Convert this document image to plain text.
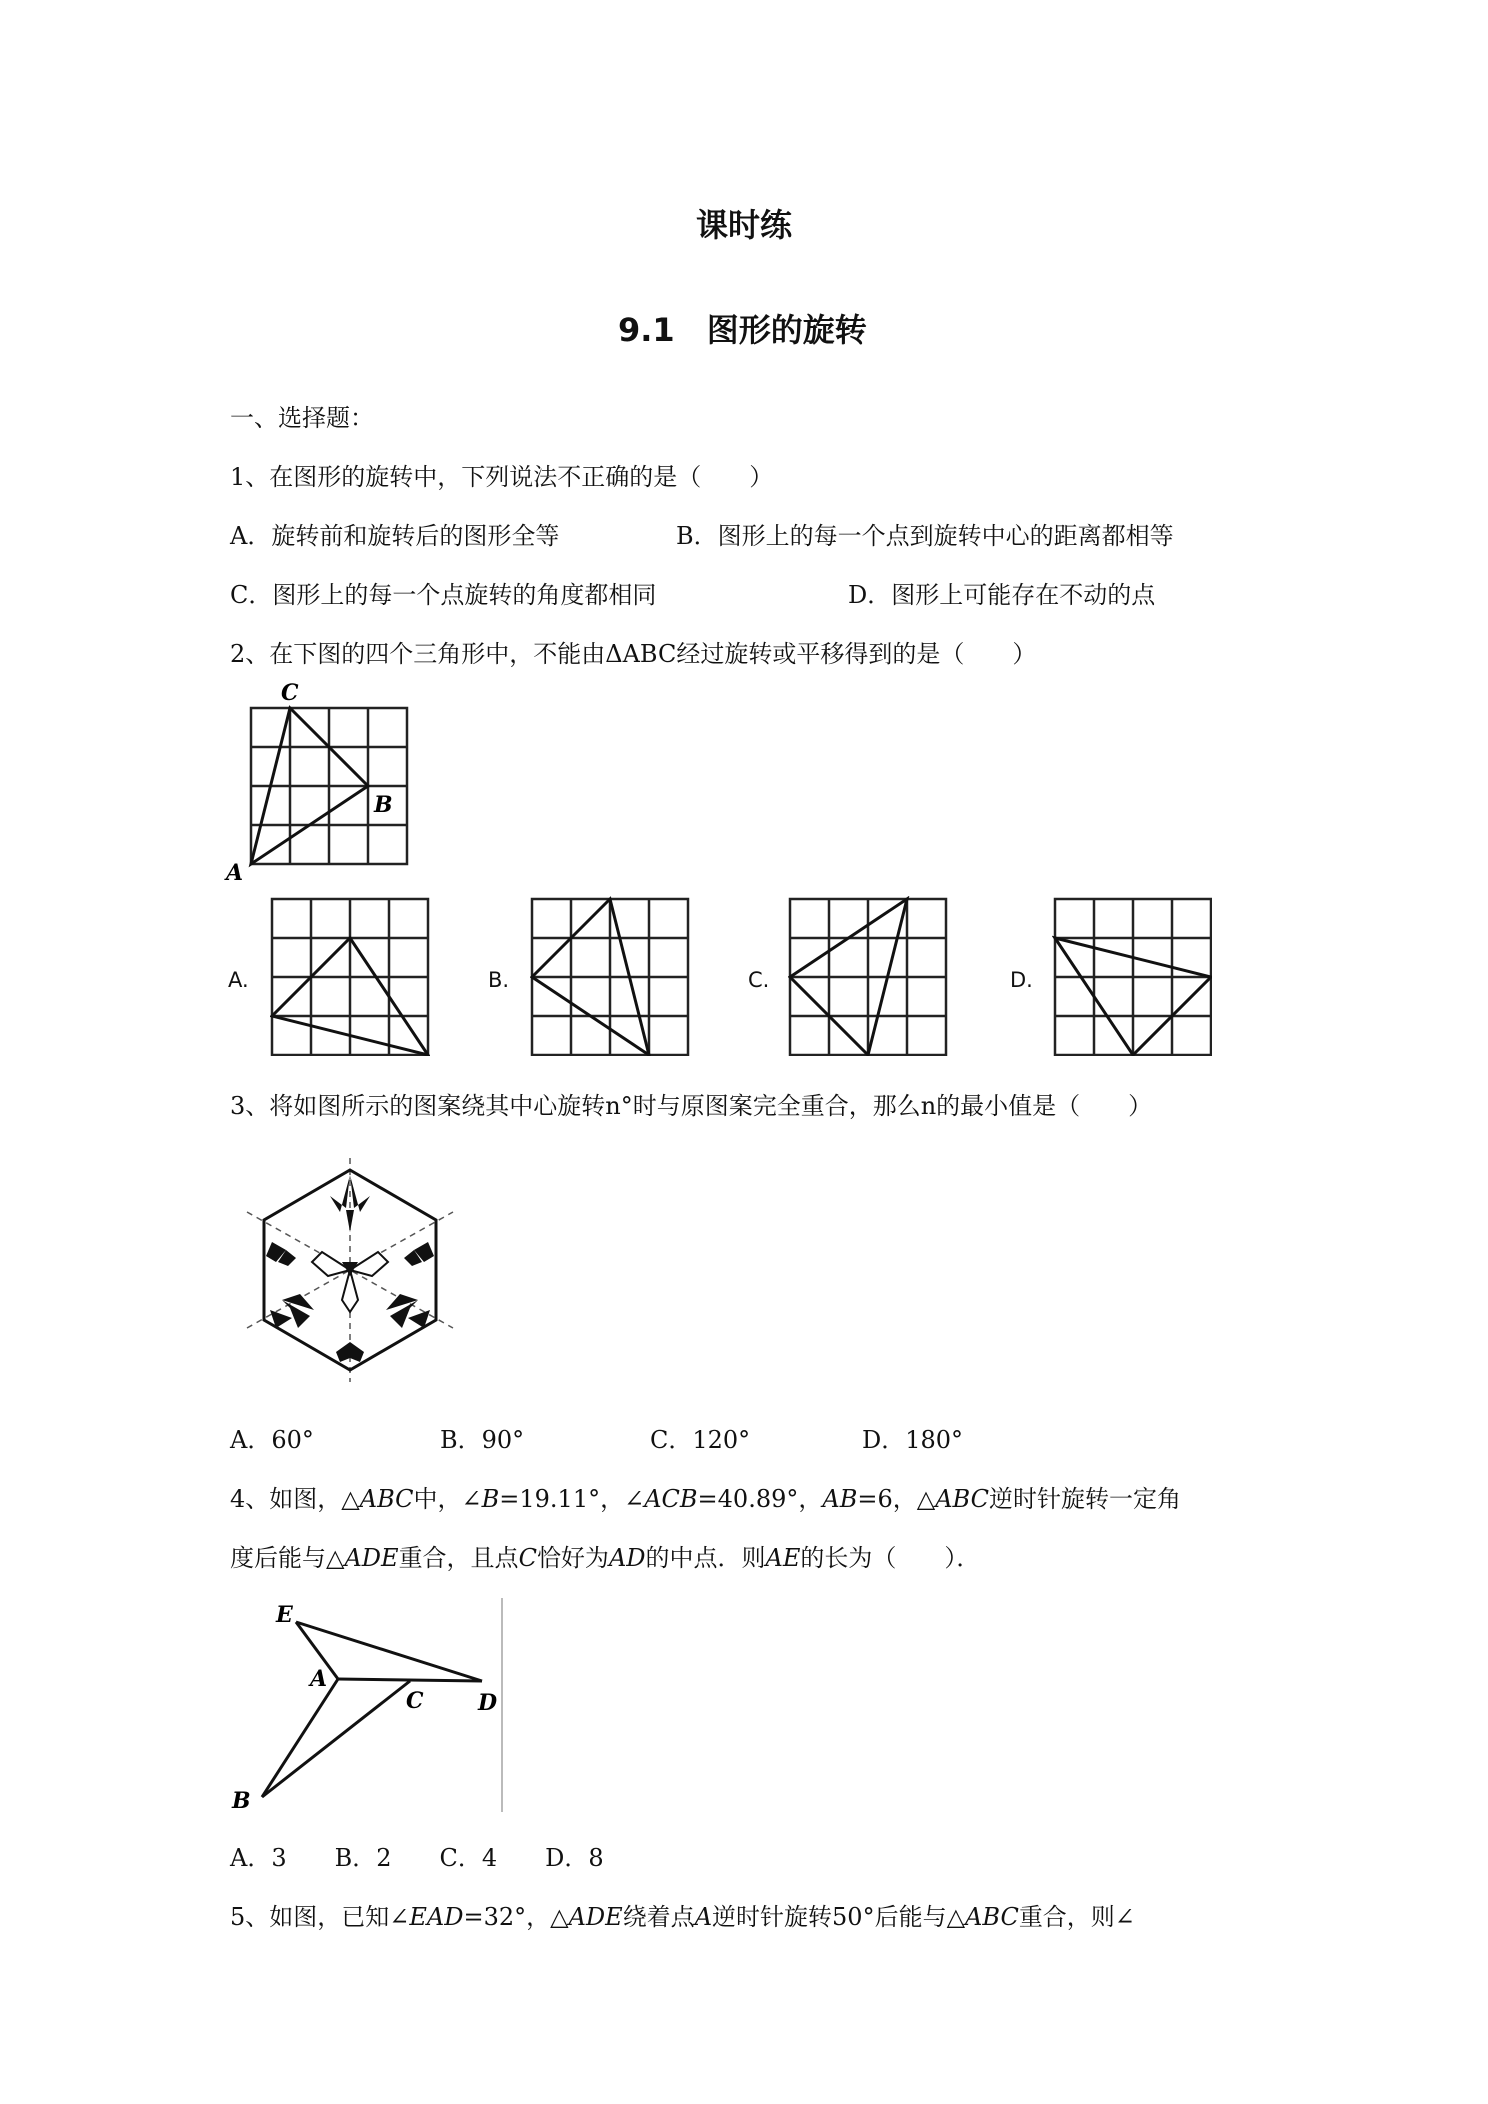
课时练
9.1　图形的旋转
一、选择题：
1、在图形的旋转中，下列说法不正确的是（　　）
A．旋转前和旋转后的图形全等	B．图形上的每一个点到旋转中心的距离都相等
C．图形上的每一个点旋转的角度都相同	D．图形上可能存在不动的点
2、在下图的四个三角形中，不能由ΔABC经过旋转或平移得到的是（　　）
C
B
A
A.	B.	C.	D.
3、将如图所示的图案绕其中心旋转n°时与原图案完全重合，那么n的最小值是（　　）
A．60°	B．90°	C．120°	D．180°
4、如图，△ABC中，∠B=19.11°，∠ACB=40.89°，AB=6，△ABC逆时针旋转一定角
度后能与△ADE重合，且点C恰好为AD的中点．则AE的长为（　　）．
E
A
C D
B
A．3　　B．2　　C．4　　D．8
5、如图，已知∠EAD=32°，△ADE绕着点A逆时针旋转50°后能与△ABC重合，则∠
